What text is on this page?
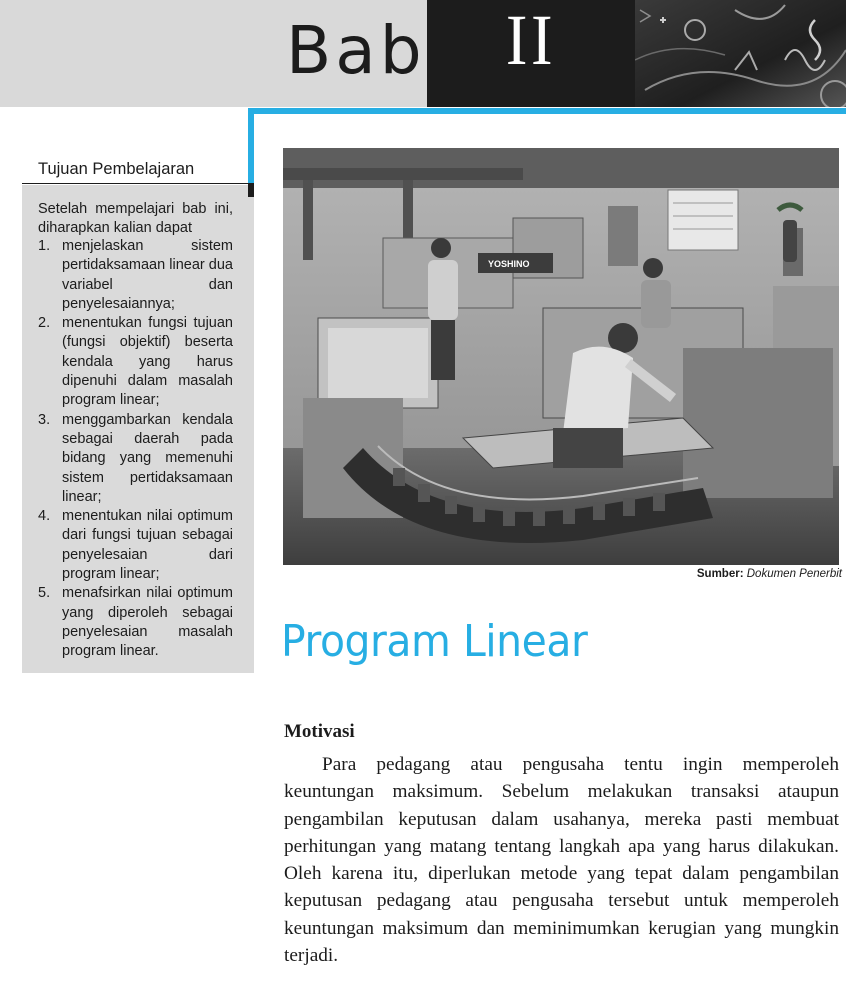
Bab	II
Tujuan Pembelajaran
Setelah mempelajari bab ini, diharapkan kalian dapat
1. menjelaskan sistem pertidaksamaan linear dua variabel dan penyelesaiannya;
2. menentukan fungsi tujuan (fungsi objektif) beserta kendala yang harus dipenuhi dalam masalah program linear;
3. menggambarkan kendala sebagai daerah pada bidang yang memenuhi sistem pertidaksamaan linear;
4. menentukan nilai optimum dari fungsi tujuan sebagai penyelesaian dari program linear;
5. menafsirkan nilai optimum yang diperoleh sebagai penyelesaian masalah program linear.
YOSHINO
Sumber: Dokumen Penerbit
Program Linear
Motivasi

Para pedagang atau pengusaha tentu ingin memperoleh keuntungan maksimum. Sebelum melakukan transaksi ataupun pengambilan keputusan dalam usahanya, mereka pasti membuat perhitungan yang matang tentang langkah apa yang harus dilakukan. Oleh karena itu, diperlukan metode yang tepat dalam pengambilan keputusan pedagang atau pengusaha tersebut untuk memperoleh keuntungan maksimum dan meminimumkan kerugian yang mungkin terjadi.
